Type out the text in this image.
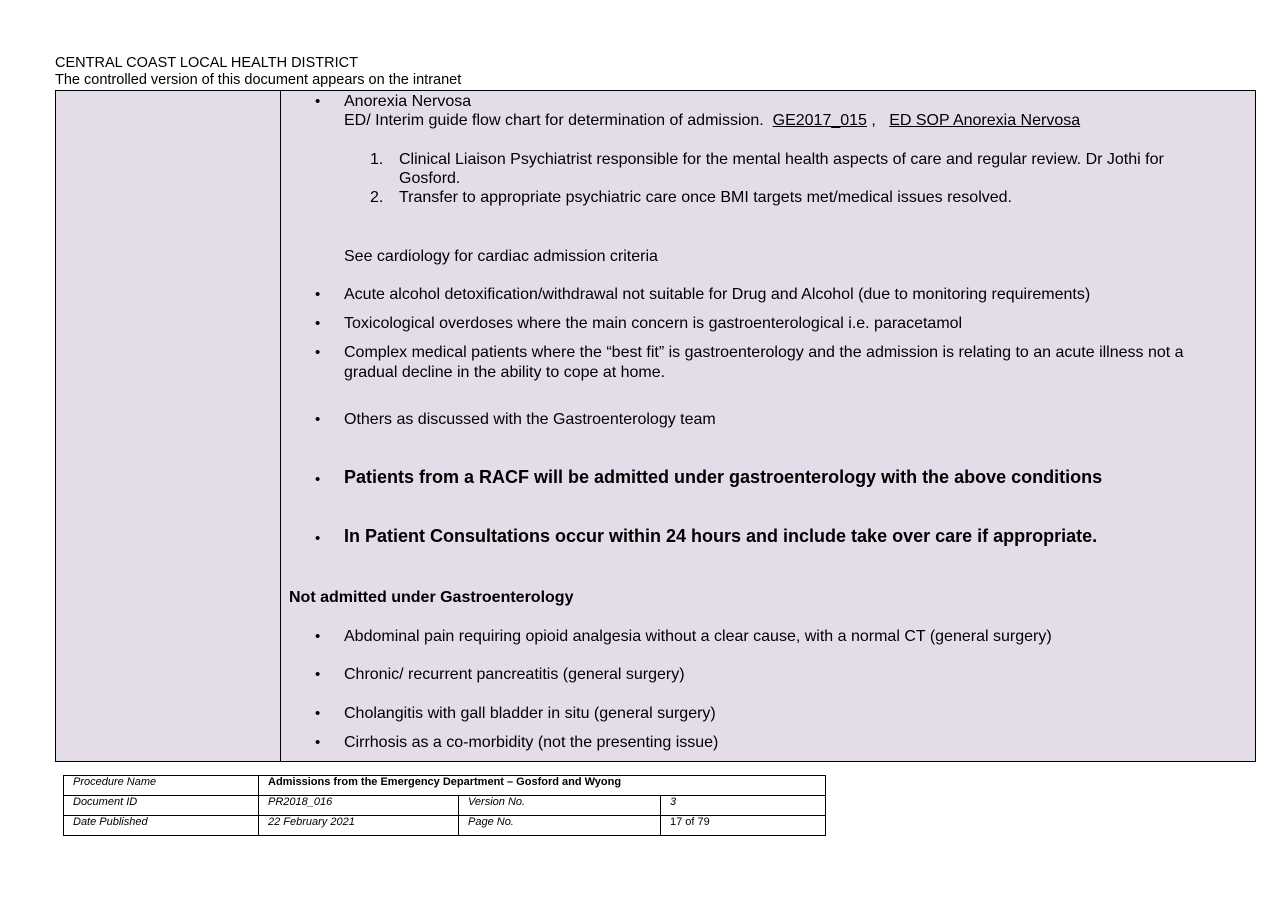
CENTRAL COAST LOCAL HEALTH DISTRICT
The controlled version of this document appears on the intranet
• Anorexia Nervosa
ED/ Interim guide flow chart for determination of admission. GE2017_015 , ED SOP Anorexia Nervosa
1. Clinical Liaison Psychiatrist responsible for the mental health aspects of care and regular review. Dr Jothi for
Gosford.
2. Transfer to appropriate psychiatric care once BMI targets met/medical issues resolved.
See cardiology for cardiac admission criteria
• Acute alcohol detoxification/withdrawal not suitable for Drug and Alcohol (due to monitoring requirements)
• Toxicological overdoses where the main concern is gastroenterological i.e. paracetamol
• Complex medical patients where the “best fit” is gastroenterology and the admission is relating to an acute illness not a
gradual decline in the ability to cope at home.
• Others as discussed with the Gastroenterology team
• Patients from a RACF will be admitted under gastroenterology with the above conditions
• In Patient Consultations occur within 24 hours and include take over care if appropriate.
Not admitted under Gastroenterology
• Abdominal pain requiring opioid analgesia without a clear cause, with a normal CT (general surgery)
• Chronic/ recurrent pancreatitis (general surgery)
• Cholangitis with gall bladder in situ (general surgery)
• Cirrhosis as a co-morbidity (not the presenting issue)
Procedure Name	Admissions from the Emergency Department – Gosford and Wyong		
Document ID	PR2018_016	Version No.	3
Date Published	22 February 2021	Page No.	17 of 79
